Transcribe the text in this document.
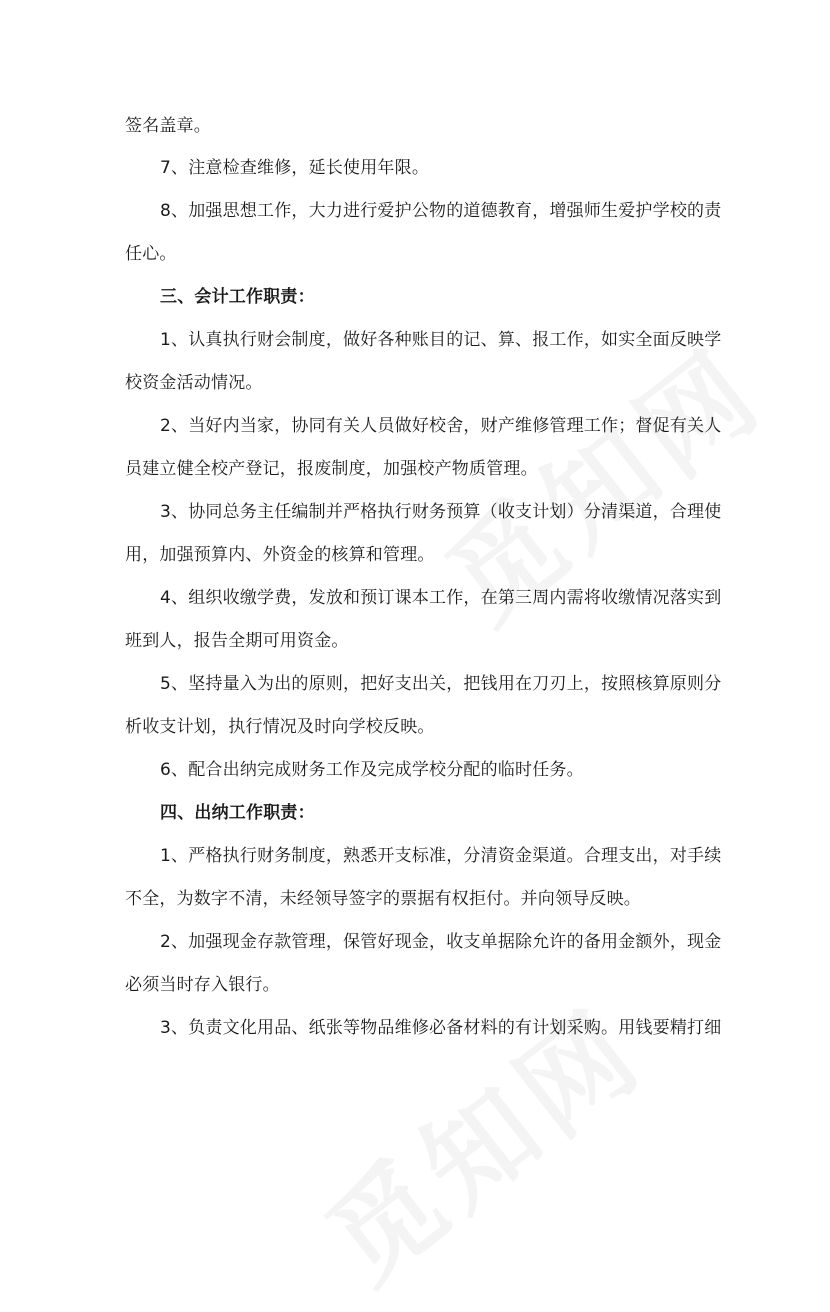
签名盖章。
7、注意检查维修，延长使用年限。
8、加强思想工作，大力进行爱护公物的道德教育，增强师生爱护学校的责
任心。
三、会计工作职责：
1、认真执行财会制度，做好各种账目的记、算、报工作，如实全面反映学
校资金活动情况。
2、当好内当家，协同有关人员做好校舍，财产维修管理工作；督促有关人
员建立健全校产登记，报废制度，加强校产物质管理。
3、协同总务主任编制并严格执行财务预算（收支计划）分清渠道，合理使
用，加强预算内、外资金的核算和管理。
4、组织收缴学费，发放和预订课本工作，在第三周内需将收缴情况落实到
班到人，报告全期可用资金。
5、坚持量入为出的原则，把好支出关，把钱用在刀刃上，按照核算原则分
析收支计划，执行情况及时向学校反映。
6、配合出纳完成财务工作及完成学校分配的临时任务。
四、出纳工作职责：
1、严格执行财务制度，熟悉开支标准，分清资金渠道。合理支出，对手续
不全，为数字不清，未经领导签字的票据有权拒付。并向领导反映。
2、加强现金存款管理，保管好现金，收支单据除允许的备用金额外，现金
必须当时存入银行。
3、负责文化用品、纸张等物品维修必备材料的有计划采购。用钱要精打细
